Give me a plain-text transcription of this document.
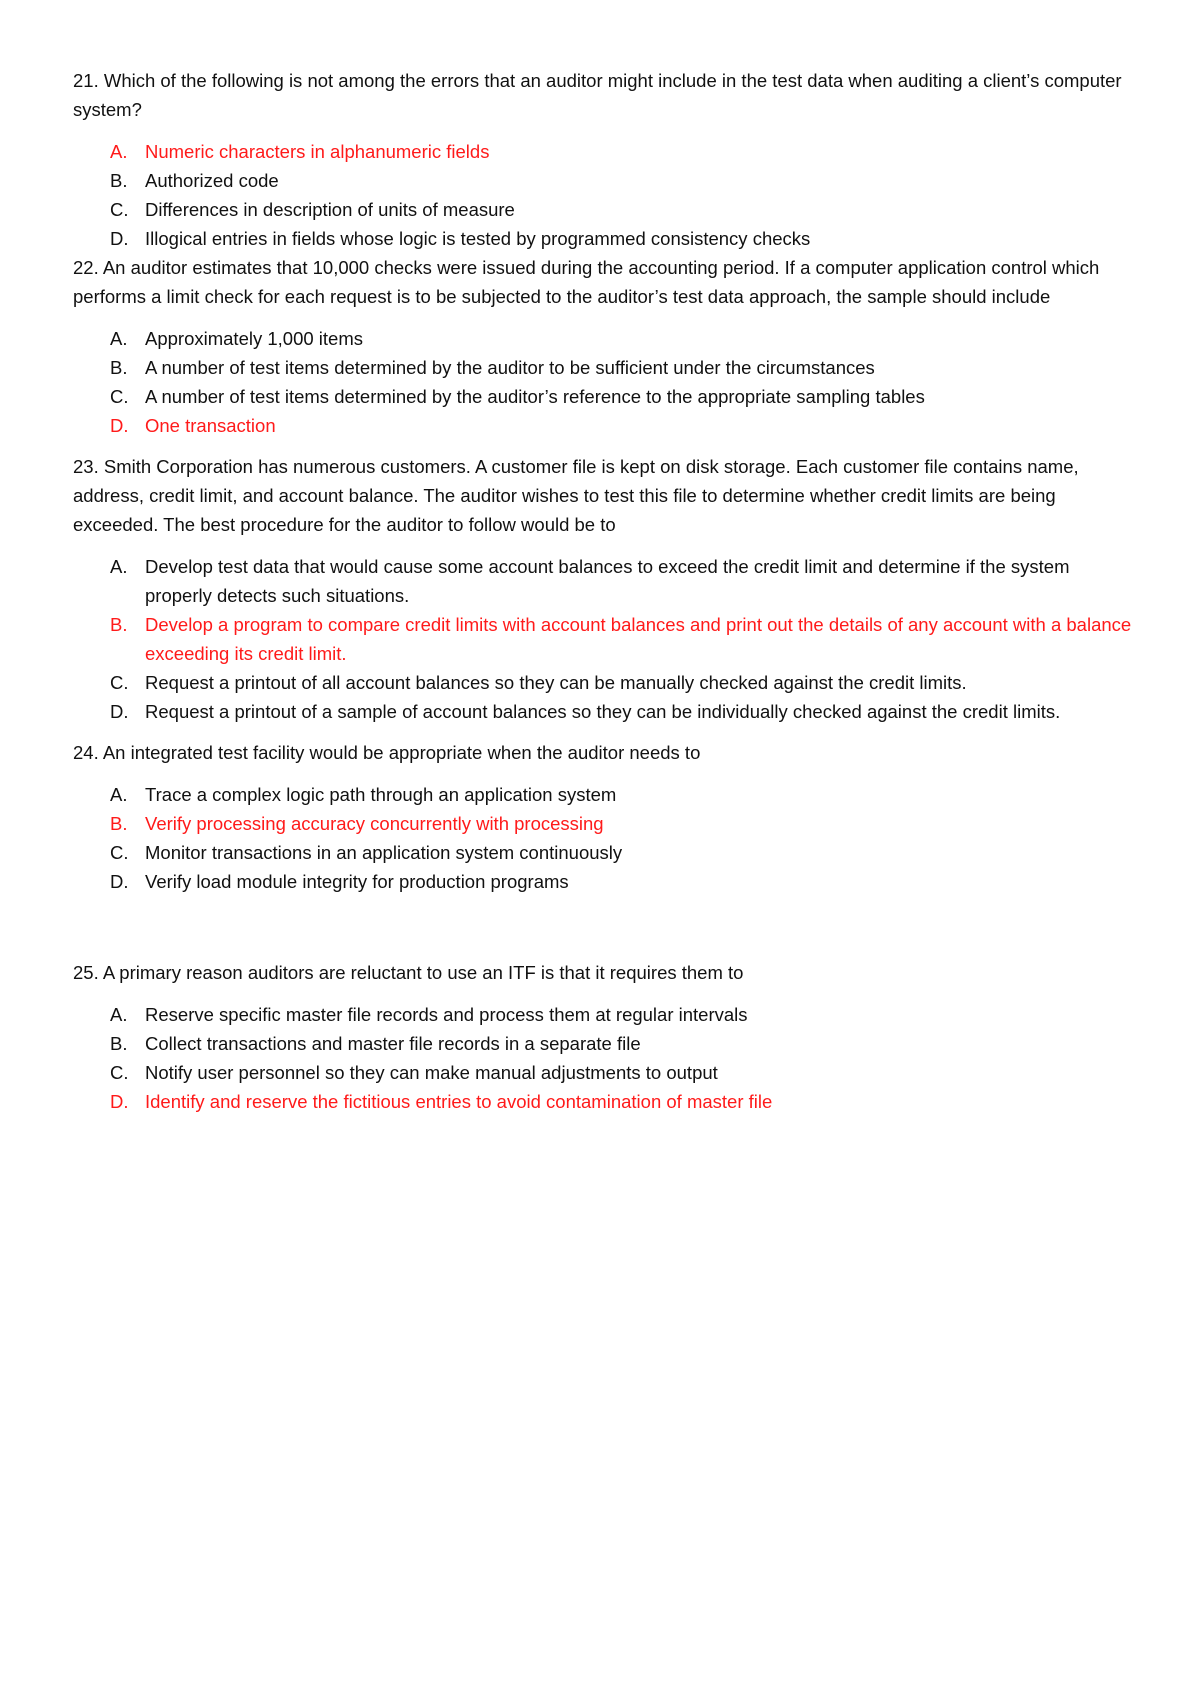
21. Which of the following is not among the errors that an auditor might include in the test data when auditing a client’s computer system?

A. Numeric characters in alphanumeric fields
B. Authorized code
C. Differences in description of units of measure
D. Illogical entries in fields whose logic is tested by programmed consistency checks

22. An auditor estimates that 10,000 checks were issued during the accounting period. If a computer application control which performs a limit check for each request is to be subjected to the auditor’s test data approach, the sample should include

A. Approximately 1,000 items
B. A number of test items determined by the auditor to be sufficient under the circumstances
C. A number of test items determined by the auditor’s reference to the appropriate sampling tables
D. One transaction

23. Smith Corporation has numerous customers. A customer file is kept on disk storage. Each customer file contains name, address, credit limit, and account balance. The auditor wishes to test this file to determine whether credit limits are being exceeded. The best procedure for the auditor to follow would be to

A. Develop test data that would cause some account balances to exceed the credit limit and determine if the system properly detects such situations.
B. Develop a program to compare credit limits with account balances and print out the details of any account with a balance exceeding its credit limit.
C. Request a printout of all account balances so they can be manually checked against the credit limits.
D. Request a printout of a sample of account balances so they can be individually checked against the credit limits.

24. An integrated test facility would be appropriate when the auditor needs to

A. Trace a complex logic path through an application system
B. Verify processing accuracy concurrently with processing
C. Monitor transactions in an application system continuously
D. Verify load module integrity for production programs

25. A primary reason auditors are reluctant to use an ITF is that it requires them to

A. Reserve specific master file records and process them at regular intervals
B. Collect transactions and master file records in a separate file
C. Notify user personnel so they can make manual adjustments to output
D. Identify and reserve the fictitious entries to avoid contamination of master file
